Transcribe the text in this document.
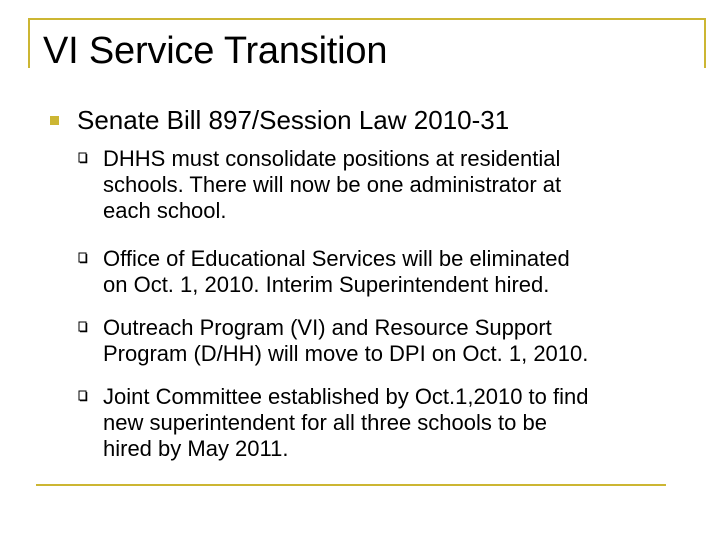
VI Service Transition
Senate Bill 897/Session Law 2010-31
DHHS must consolidate positions at residential
schools. There will now be one administrator at
each school.
Office of Educational Services will be eliminated
on Oct. 1, 2010. Interim Superintendent hired.
Outreach Program (VI) and Resource Support
Program (D/HH) will move to DPI on Oct. 1, 2010.
Joint Committee established by Oct.1,2010 to find
new superintendent for all three schools to be
hired by May 2011.
